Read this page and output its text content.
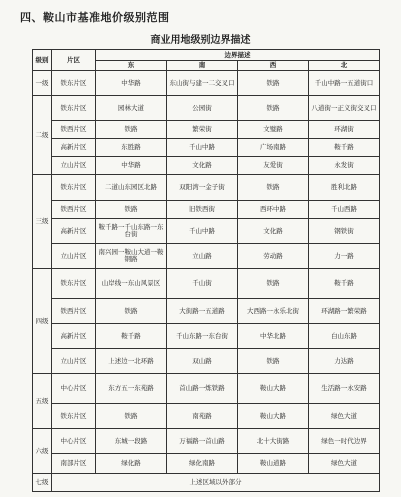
四、鞍山市基准地价级别范围
商业用地级别边界描述
级别	片区	边界描述			
		东	南	西	北
一级	铁东片区	中华路	东山街与建一二交叉口	铁路	千山中路一五道街口
二级	铁东片区	园林大道	公园街	铁路	八道街一正义街交叉口
	铁西片区	铁路	繁荣街	文璧路	环湖街
	高新片区	东胜路	千山中路	广场南路	鞍千路
	立山片区	中华路	文化路	友爱街	永发街
三级	铁东片区	二道山东园区北路	双阳湾一金子街	铁路	胜利北路
	铁西片区	铁路	旧铁西街	西环中路	千山西路
	高新片区	鞍千路一千山东路一东台街	千山中路	文化路	钢铁街
	立山片区	南兴园一鞍山大道一鞍钢路	立山路	劳动路	力一路
四级	铁东片区	山岸线一东山风景区	千山街	铁路	鞍千路
	铁西片区	铁路	大街路一五道路	大西路一永乐北街	环湖路一繁荣路
	高新片区	鞍千路	千山东路一东台街	中华北路	白山东路
	立山片区	上述边一北环路	双山路	铁路	力达路
五级	中心片区	东方五一东苑路	首山路一炼铁路	鞍山大路	生活路一永安路
	铁东片区	铁路	南苑路	鞍山大路	绿色大道
六级	中心片区	东城一段路	万福路一首山路	北十大街路	绿色一时代边界
	南部片区	绿化路	绿化南路	鞍山道路	绿色大道
七级	上述区域以外部分				
